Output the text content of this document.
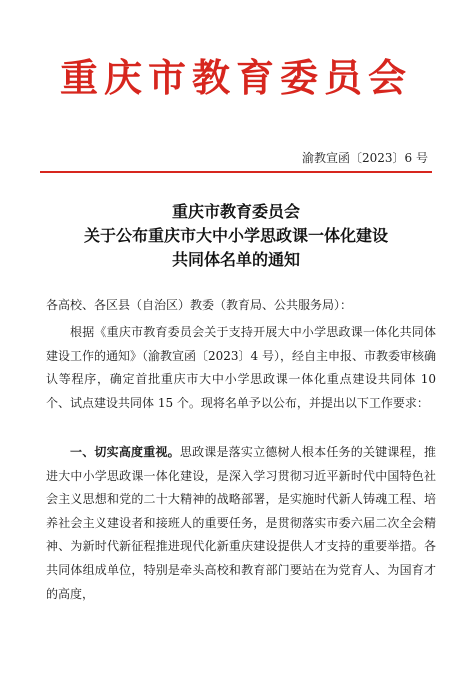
重庆市教育委员会
渝教宣函〔2023〕6 号
重庆市教育委员会
关于公布重庆市大中小学思政课一体化建设
共同体名单的通知
各高校、各区县（自治区）教委（教育局、公共服务局）：

根据《重庆市教育委员会关于支持开展大中小学思政课一体化共同体建设工作的通知》（渝教宣函〔2023〕4 号），经自主申报、市教委审核确认等程序，确定首批重庆市大中小学思政课一体化重点建设共同体 10 个、试点建设共同体 15 个。现将名单予以公布，并提出以下工作要求：

一、切实高度重视。思政课是落实立德树人根本任务的关键课程，推进大中小学思政课一体化建设，是深入学习贯彻习近平新时代中国特色社会主义思想和党的二十大精神的战略部署，是实施时代新人铸魂工程、培养社会主义建设者和接班人的重要任务，是贯彻落实市委六届二次全会精神、为新时代新征程推进现代化新重庆建设提供人才支持的重要举措。各共同体组成单位，特别是牵头高校和教育部门要站在为党育人、为国育才的高度，
